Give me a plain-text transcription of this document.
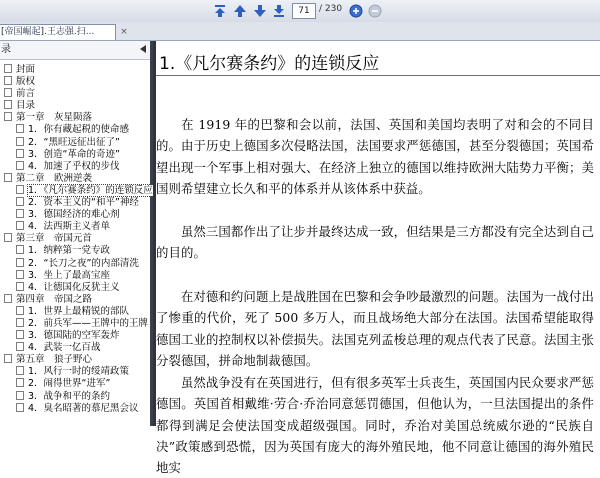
71
/ 230
[帝国崛起].王志强.扫...	×
录
封面
版权
前言
目录
第一章　灰星陨落
1．你有藏起税的使命感
2．“黑旺远征出征了”
3．创造“革命的奇迹”
4．加速了乎权的步伐
第二章　欧洲逆袭
1．《凡尔赛条约》的连锁反应
2．资本主义的“和平”神经
3．德国经济的难心剂
4．法西斯主义者单
第三章　帝国元首
1．纳粹第一党专政
2．“长刀之夜”的内部清洗
3．坐上了最高宝座
4．让德国化反犹主义
第四章　帝国之路
1．世界上最精锐的部队
2．前兵军——王牌中的王牌
3．德国陆的空军轰炸
4．武装一亿百战
第五章　狼子野心
1．风行一时的绥靖政策
2．闹得世界“进军”
3．战争和平的条约
4．臭名昭著的慕尼黑会议
1.《凡尔赛条约》的连锁反应

在 1919 年的巴黎和会以前，法国、英国和美国均表明了对和会的不同目的。由于历史上德国多次侵略法国，法国要求严惩德国，甚至分裂德国；英国希望出现一个军事上相对强大、在经济上独立的德国以维持欧洲大陆势力平衡；美国则希望建立长久和平的体系并从该体系中获益。

虽然三国都作出了让步并最终达成一致，但结果是三方都没有完全达到自己的目的。

在对德和约问题上是战胜国在巴黎和会争吵最激烈的问题。法国为一战付出了惨重的代价，死了 500 多万人，而且战场绝大部分在法国。法国希望能取得德国工业的控制权以补偿损失。法国克列孟梭总理的观点代表了民意。法国主张分裂德国，拼命地制裁德国。

虽然战争没有在英国进行，但有很多英军士兵丧生，英国国内民众要求严惩德国。英国首相戴维·劳合·乔治同意惩罚德国，但他认为，一旦法国提出的条件都得到满足会使法国变成超级强国。同时，乔治对美国总统威尔逊的“民族自决”政策感到恐慌，因为英国有庞大的海外殖民地，他不同意让德国的海外殖民地实
